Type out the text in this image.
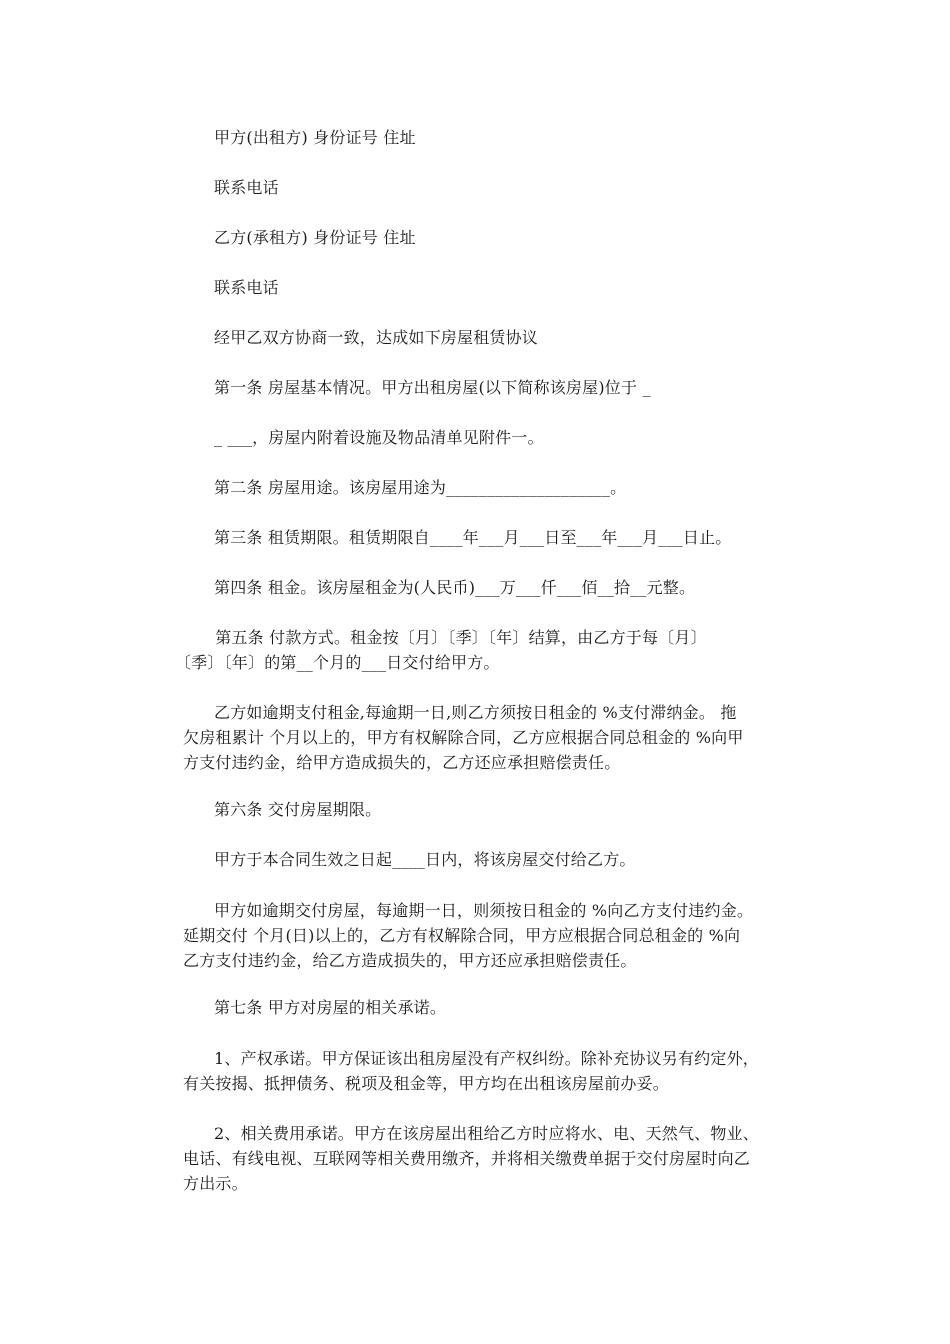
甲方(出租方) 身份证号 住址
联系电话
乙方(承租方) 身份证号 住址
联系电话
经甲乙双方协商一致，达成如下房屋租赁协议
第一条 房屋基本情况。甲方出租房屋(以下简称该房屋)位于 _
_ ___，房屋内附着设施及物品清单见附件一。
第二条 房屋用途。该房屋用途为____________________。
第三条 租赁期限。租赁期限自____年___月___日至___年___月___日止。
第四条 租金。该房屋租金为(人民币)___万___仟___佰__拾__元整。

第五条 付款方式。租金按〔月〕〔季〕〔年〕结算，由乙方于每〔月〕

〔季〕〔年〕的第__个月的___日交付给甲方。

乙方如逾期支付租金,每逾期一日,则乙方须按日租金的 %支付滞纳金。 拖

欠房租累计 个月以上的，甲方有权解除合同，乙方应根据合同总租金的 %向甲

方支付违约金，给甲方造成损失的，乙方还应承担赔偿责任。

第六条 交付房屋期限。
甲方于本合同生效之日起____日内，将该房屋交付给乙方。

甲方如逾期交付房屋，每逾期一日，则须按日租金的 %向乙方支付违约金。

延期交付 个月(日)以上的，乙方有权解除合同，甲方应根据合同总租金的 %向

乙方支付违约金，给乙方造成损失的，甲方还应承担赔偿责任。

第七条 甲方对房屋的相关承诺。

1、产权承诺。甲方保证该出租房屋没有产权纠纷。除补充协议另有约定外，

有关按揭、抵押债务、税项及租金等，甲方均在出租该房屋前办妥。

2、相关费用承诺。甲方在该房屋出租给乙方时应将水、电、天然气、物业、

电话、有线电视、互联网等相关费用缴齐，并将相关缴费单据于交付房屋时向乙

方出示。
